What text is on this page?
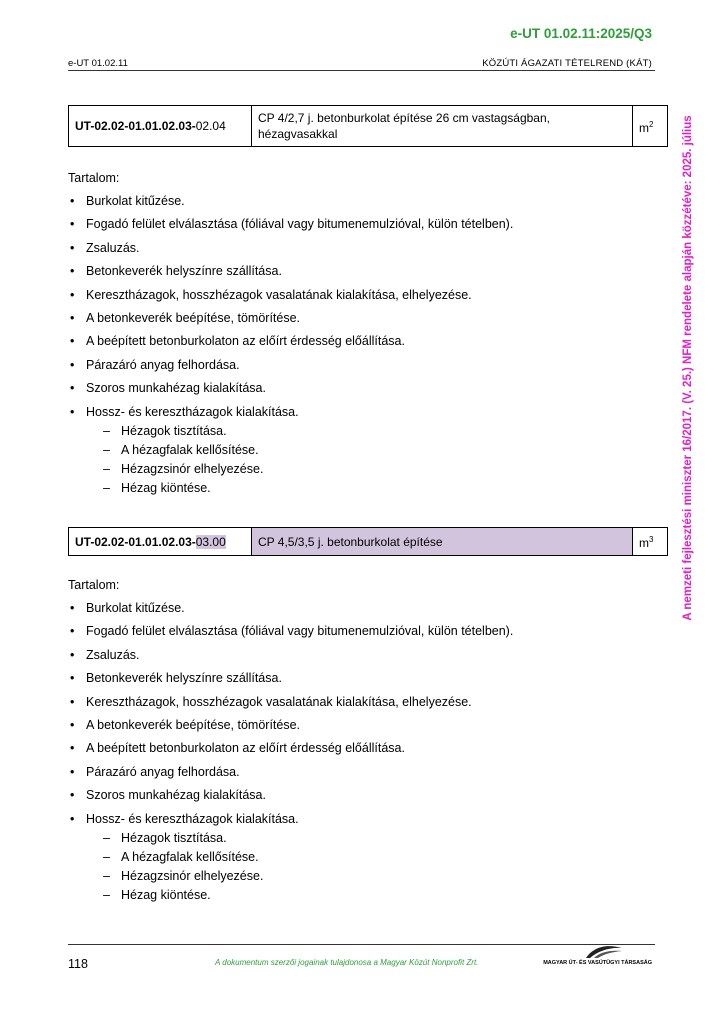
e-UT 01.02.11:2025/Q3
e-UT 01.02.11	KÖZÚTI ÁGAZATI TÉTELREND (KÁT)
A nemzeti fejlesztési miniszter 16/2017. (V. 25.) NFM rendelete alapján közzétéve: 2025. július
UT-02.02-01.01.02.03-02.04	CP 4/2,7 j. betonburkolat építése 26 cm vastagságban, hézagvasakkal	$m^2$
Tartalom:
• Burkolat kitűzése.
• Fogadó felület elválasztása (fóliával vagy bitumenemulzióval, külön tételben).
• Zsaluzás.
• Betonkeverék helyszínre szállítása.
• Keresztházagok, hosszhézagok vasalatának kialakítása, elhelyezése.
• A betonkeverék beépítése, tömörítése.
• A beépített betonburkolaton az előírt érdesség előállítása.
• Párazáró anyag felhordása.
• Szoros munkahézag kialakítása.
• Hossz- és keresztházagok kialakítása.
– Hézagok tisztítása.
– A hézagfalak kellősítése.
– Hézagzsinór elhelyezése.
– Hézag kiöntése.
UT-02.02-01.01.02.03-03.00	CP 4,5/3,5 j. betonburkolat építése	$m^3$
Tartalom:
• Burkolat kitűzése.
• Fogadó felület elválasztása (fóliával vagy bitumenemulzióval, külön tételben).
• Zsaluzás.
• Betonkeverék helyszínre szállítása.
• Keresztházagok, hosszhézagok vasalatának kialakítása, elhelyezése.
• A betonkeverék beépítése, tömörítése.
• A beépített betonburkolaton az előírt érdesség előállítása.
• Párazáró anyag felhordása.
• Szoros munkahézag kialakítása.
• Hossz- és keresztházagok kialakítása.
– Hézagok tisztítása.
– A hézagfalak kellősítése.
– Hézagzsinór elhelyezése.
– Hézag kiöntése.
118	A dokumentum szerzői jogainak tulajdonosa a Magyar Közút Nonprofit Zrt.	MAGYAR ÚT- ÉS VASÚTÜGYI TÁRSASÁG
